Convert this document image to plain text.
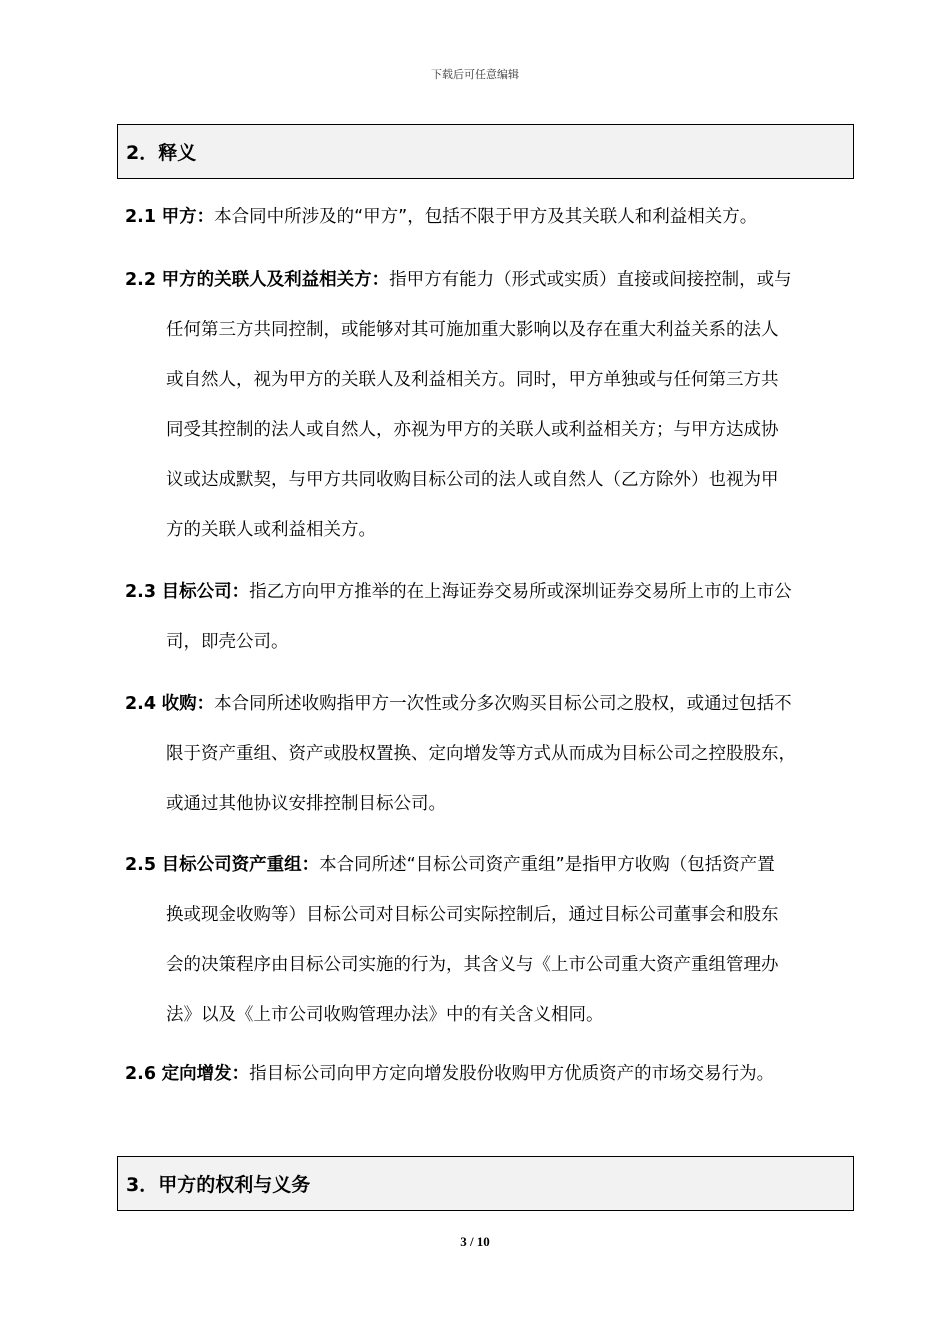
下载后可任意编辑
2．释义
2.1 甲方：本合同中所涉及的“甲方”，包括不限于甲方及其关联人和利益相关方。
2.2 甲方的关联人及利益相关方：指甲方有能力（形式或实质）直接或间接控制，或与
任何第三方共同控制，或能够对其可施加重大影响以及存在重大利益关系的法人
或自然人，视为甲方的关联人及利益相关方。同时，甲方单独或与任何第三方共
同受其控制的法人或自然人，亦视为甲方的关联人或利益相关方；与甲方达成协
议或达成默契，与甲方共同收购目标公司的法人或自然人（乙方除外）也视为甲
方的关联人或利益相关方。
2.3 目标公司：指乙方向甲方推举的在上海证券交易所或深圳证券交易所上市的上市公
司，即壳公司。
2.4 收购：本合同所述收购指甲方一次性或分多次购买目标公司之股权，或通过包括不
限于资产重组、资产或股权置换、定向增发等方式从而成为目标公司之控股股东，
或通过其他协议安排控制目标公司。
2.5 目标公司资产重组：本合同所述“目标公司资产重组”是指甲方收购（包括资产置
换或现金收购等）目标公司对目标公司实际控制后，通过目标公司董事会和股东
会的决策程序由目标公司实施的行为，其含义与《上市公司重大资产重组管理办
法》以及《上市公司收购管理办法》中的有关含义相同。
2.6 定向增发：指目标公司向甲方定向增发股份收购甲方优质资产的市场交易行为。
3．甲方的权利与义务
3 / 10
